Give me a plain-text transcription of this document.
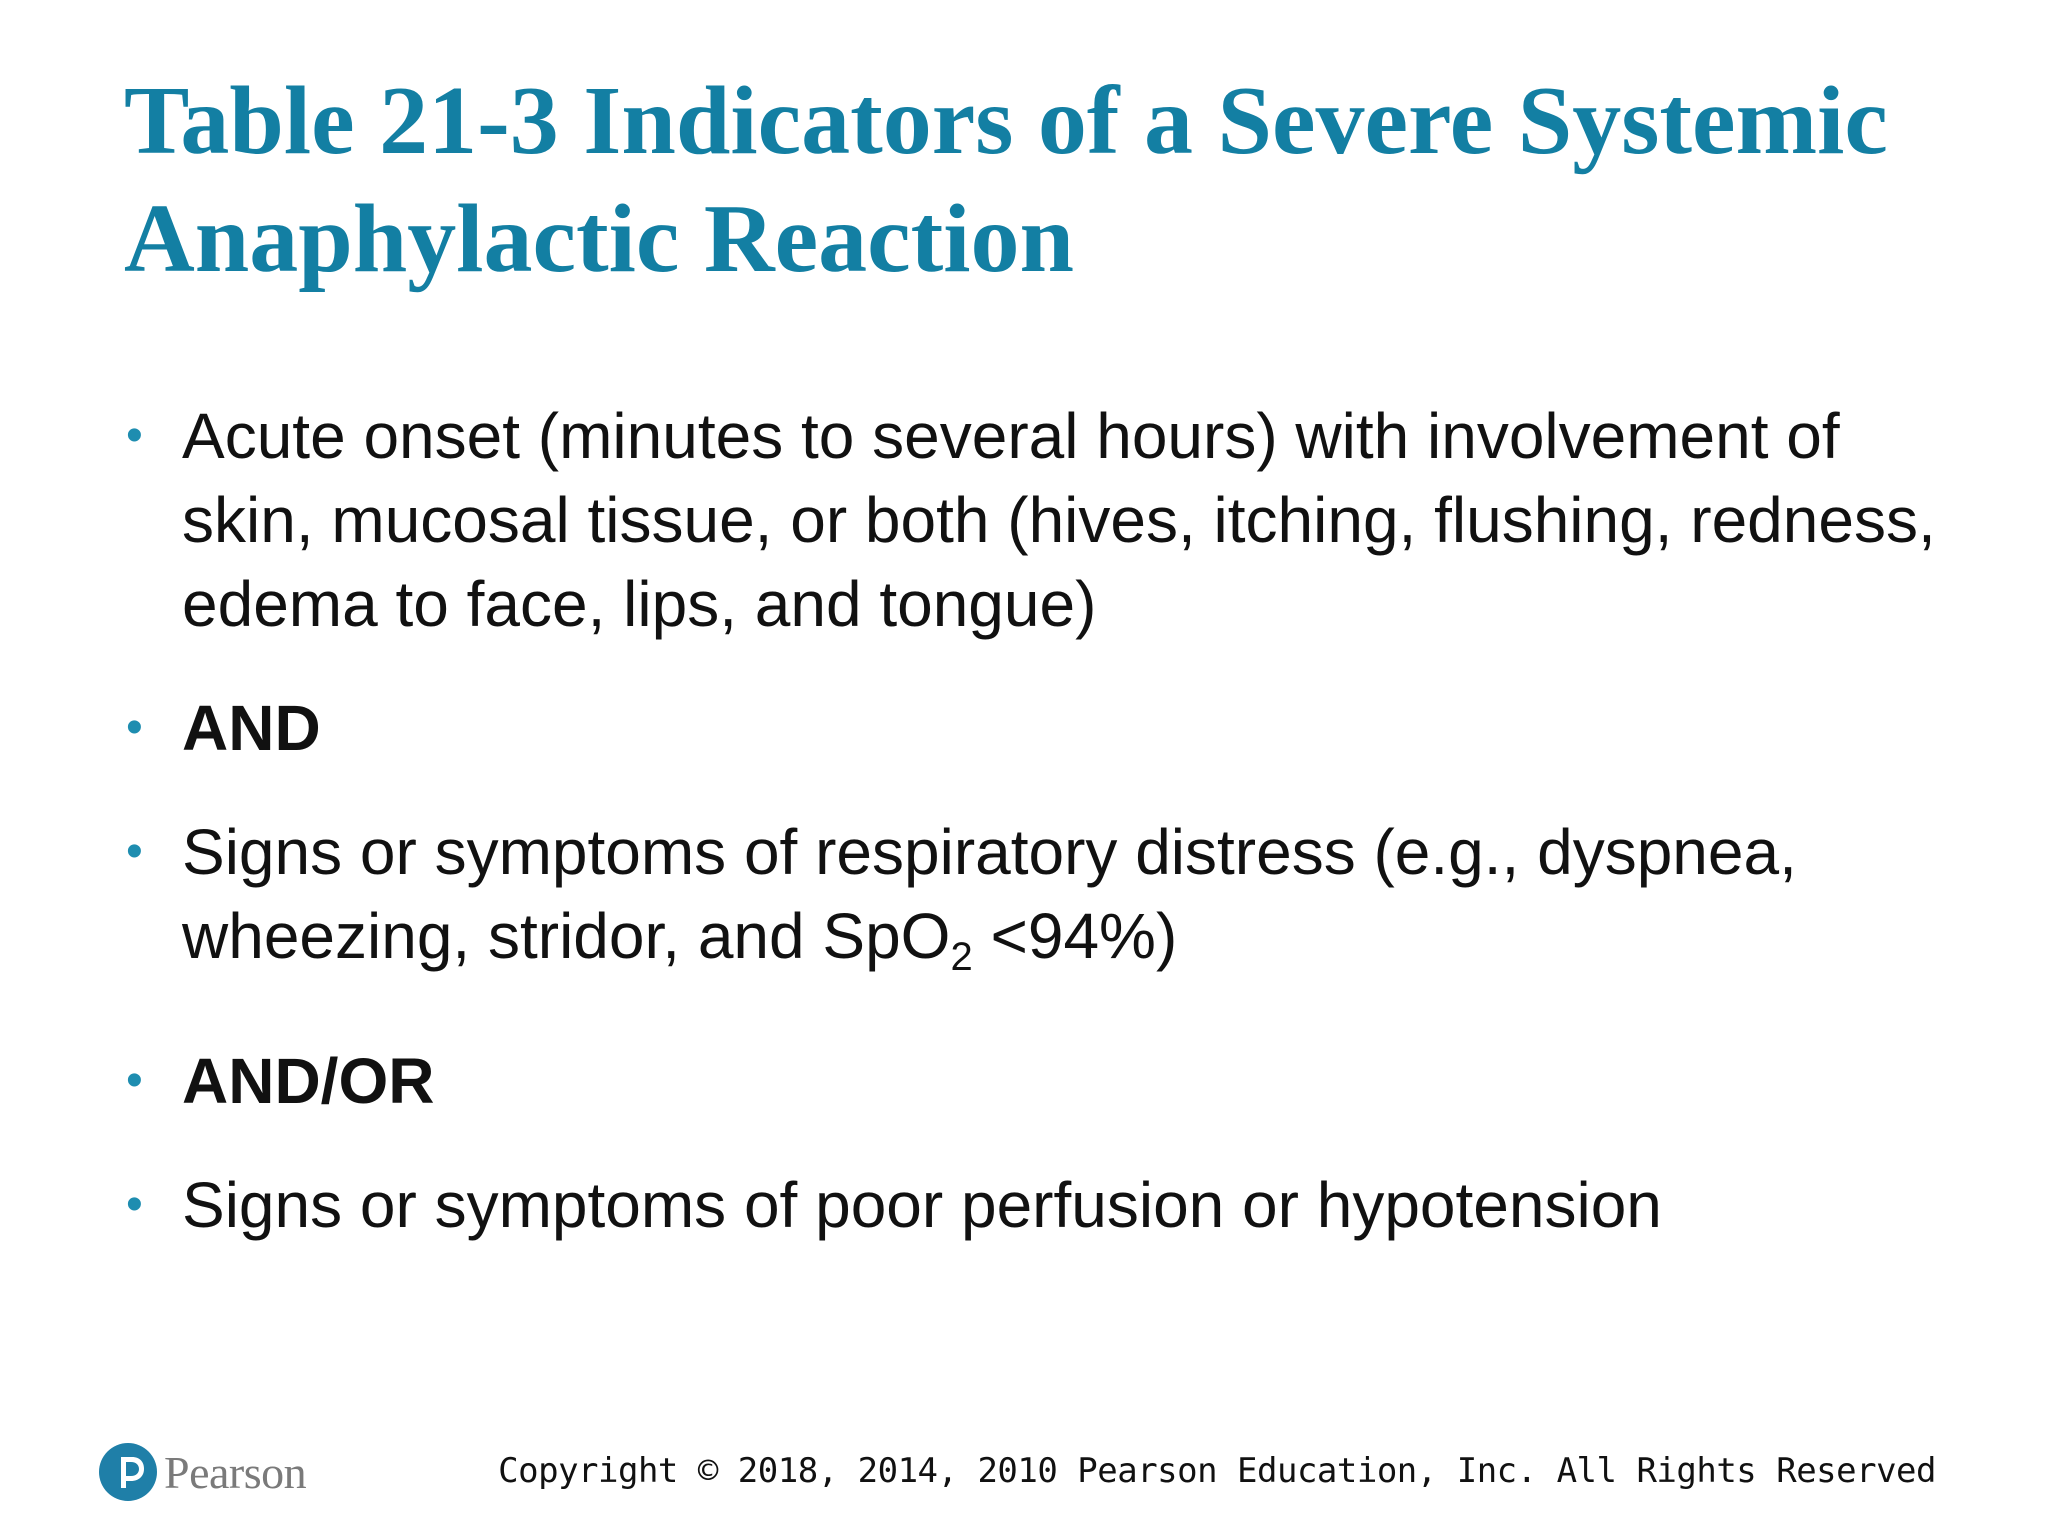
Table 21-3 Indicators of a Severe Systemic Anaphylactic Reaction
• Acute onset (minutes to several hours) with involvement of skin, mucosal tissue, or both (hives, itching, flushing, redness, edema to face, lips, and tongue)
• AND
• Signs or symptoms of respiratory distress (e.g., dyspnea, wheezing, stridor, and SpO$_2$ <94%)
• AND/OR
• Signs or symptoms of poor perfusion or hypotension
Pearson	Copyright © 2018, 2014, 2010 Pearson Education, Inc. All Rights Reserved
